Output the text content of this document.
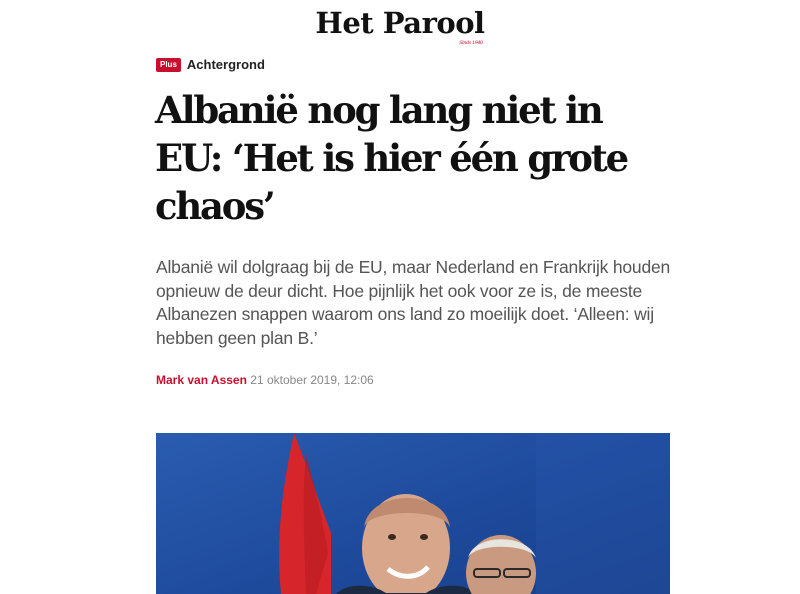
Het Parool
Sinds 1940
Plus Achtergrond
Albanië nog lang niet in EU: ‘Het is hier één grote chaos’

Albanië wil dolgraag bij de EU, maar Nederland en Frankrijk houden opnieuw de deur dicht. Hoe pijnlijk het ook voor ze is, de meeste Albanezen snappen waarom ons land zo moeilijk doet. ‘Alleen: wij hebben geen plan B.’

Mark van Assen 21 oktober 2019, 12:06
